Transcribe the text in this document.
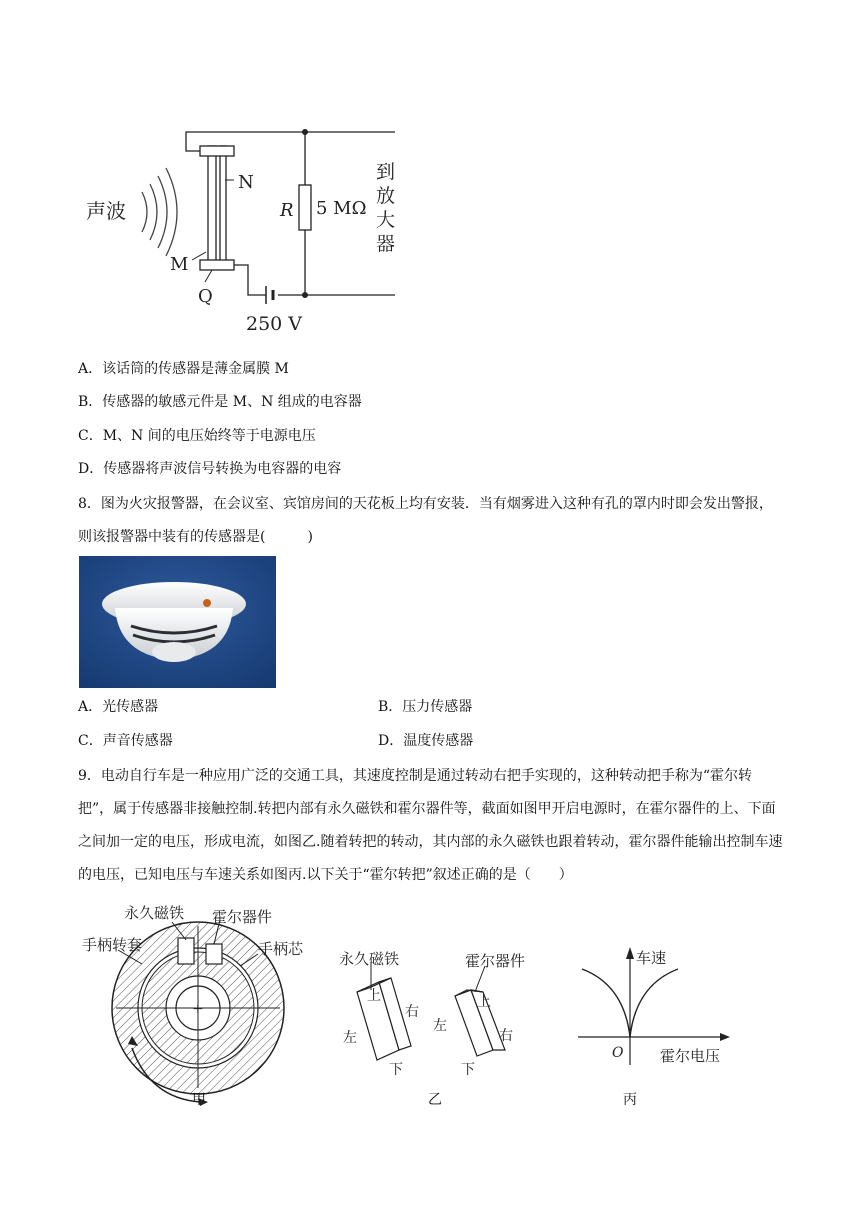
声波
N
M
Q
R 5 MΩ
到
放
大
器
250 V
A．该话筒的传感器是薄金属膜 M
B．传感器的敏感元件是 M、N 组成的电容器
C．M、N 间的电压始终等于电源电压
D．传感器将声波信号转换为电容器的电容
8．图为火灾报警器，在会议室、宾馆房间的天花板上均有安装．当有烟雾进入这种有孔的罩内时即会发出警报，则该报警器中装有的传感器是(　　　)
A．光传感器	B．压力传感器
C．声音传感器	D．温度传感器
9．电动自行车是一种应用广泛的交通工具，其速度控制是通过转动右把手实现的，这种转动把手称为“霍尔转把”，属于传感器非接触控制.转把内部有永久磁铁和霍尔器件等，截面如图甲开启电源时，在霍尔器件的上、下面之间加一定的电压，形成电流，如图乙.随着转把的转动，其内部的永久磁铁也跟着转动，霍尔器件能输出控制车速的电压，已知电压与车速关系如图丙.以下关于“霍尔转把”叙述正确的是（　　）
+
永久磁铁 霍尔器件
手柄转套	手柄芯
甲
永久磁铁	霍尔器件
上
右
左
下
上
左
右
下
乙
车速
O 霍尔电压
丙
